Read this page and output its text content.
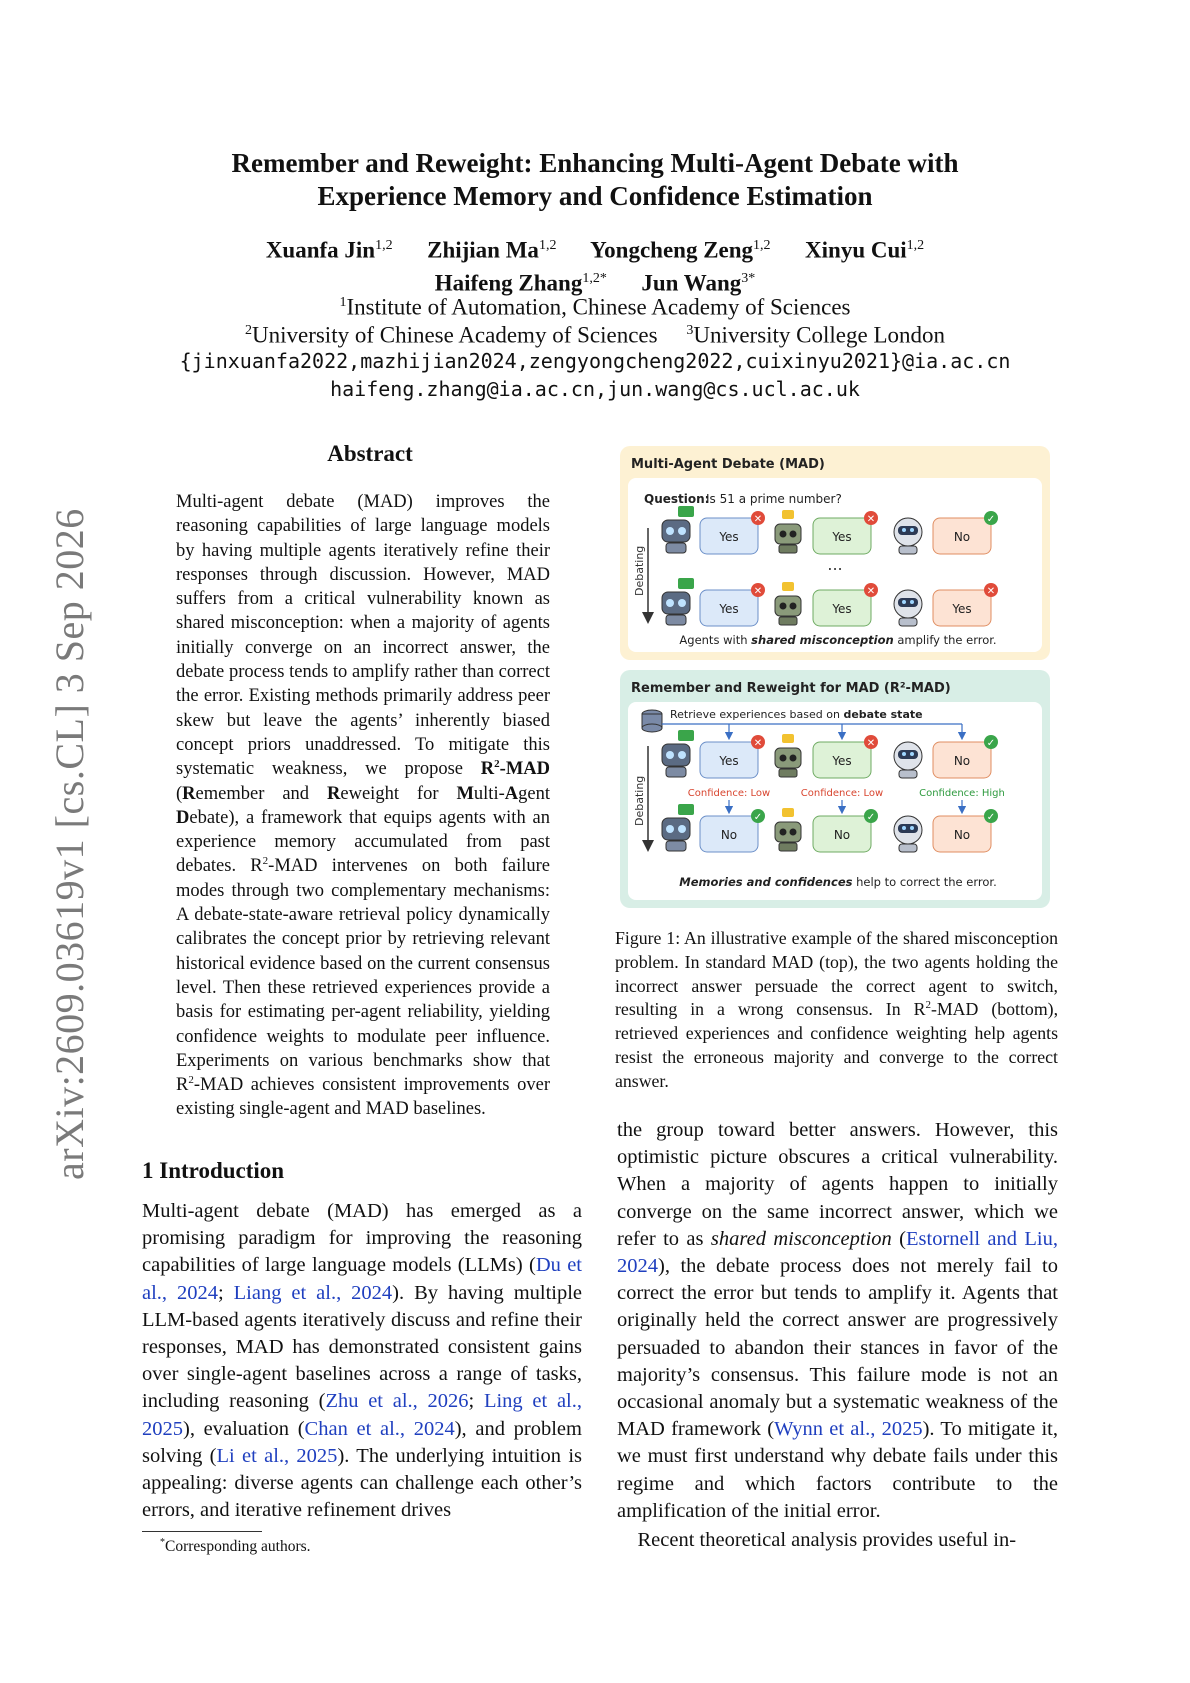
arXiv:2609.03619v1 [cs.CL] 3 Sep 2026
Remember and Reweight: Enhancing Multi-Agent Debate with
Experience Memory and Confidence Estimation
Xuanfa Jin$^{1,2}$ Zhijian Ma$^{1,2}$ Yongcheng Zeng$^{1,2}$ Xinyu Cui$^{1,2}$
Haifeng Zhang$^{1,2*}$ Jun Wang$^{3*}$
$^1$Institute of Automation, Chinese Academy of Sciences
$^2$University of Chinese Academy of Sciences $^3$University College London
{jinxuanfa2022,mazhijian2024,zengyongcheng2022,cuixinyu2021}@ia.ac.cn
haifeng.zhang@ia.ac.cn,jun.wang@cs.ucl.ac.uk
Abstract
Multi-agent debate (MAD) improves the reasoning capabilities of large language models by having multiple agents iteratively refine their responses through discussion. However, MAD suffers from a critical vulnerability known as shared misconception: when a majority of agents initially converge on an incorrect answer, the debate process tends to amplify rather than correct the error. Existing methods primarily address peer skew but leave the agents’ inherently biased concept priors unaddressed. To mitigate this systematic weakness, we propose $R^2$-MAD (Remember and Reweight for Multi-Agent Debate), a framework that equips agents with an experience memory accumulated from past debates. $R^2$-MAD intervenes on both failure modes through two complementary mechanisms: A debate-state-aware retrieval policy dynamically calibrates the concept prior by retrieving relevant historical evidence based on the current consensus level. Then these retrieved experiences provide a basis for estimating per-agent reliability, yielding confidence weights to modulate peer influence. Experiments on various benchmarks show that $R^2$-MAD achieves consistent improvements over existing single-agent and MAD baselines.
1 Introduction
Multi-agent debate (MAD) has emerged as a promising paradigm for improving the reasoning capabilities of large language models (LLMs) (Du et al., 2024; Liang et al., 2024). By having multiple LLM-based agents iteratively discuss and refine their responses, MAD has demonstrated consistent gains over single-agent baselines across a range of tasks, including reasoning (Zhu et al., 2026; Ling et al., 2025), evaluation (Chan et al., 2024), and problem solving (Li et al., 2025). The underlying intuition is appealing: diverse agents can challenge each other’s errors, and iterative refinement drives
*Corresponding authors.
the group toward better answers. However, this optimistic picture obscures a critical vulnerability. When a majority of agents happen to initially converge on the same incorrect answer, which we refer to as shared misconception (Estornell and Liu, 2024), the debate process does not merely fail to correct the error but tends to amplify it. Agents that originally held the correct answer are progressively persuaded to abandon their stances in favor of the majority’s consensus. This failure mode is not an occasional anomaly but a systematic weakness of the MAD framework (Wynn et al., 2025). To mitigate it, we must first understand why debate fails under this regime and which factors contribute to the amplification of the initial error.
Recent theoretical analysis provides useful in-
Figure 1: An illustrative example of the shared misconception problem. In standard MAD (top), the two agents holding the incorrect answer persuade the correct agent to switch, resulting in a wrong consensus. In $R^2$-MAD (bottom), retrieved experiences and confidence weighting help agents resist the erroneous majority and converge to the correct answer.
Multi-Agent Debate (MAD)
Question:
Is 51 a prime number?
Debating
Yes	Yes	No
✕	✕	✓
...
Yes	Yes	Yes
✕	✕	✕
Agents with shared misconception amplify the error.
Remember and Reweight for MAD (R²-MAD)
Retrieve experiences based on debate state
Debating
Yes	Yes	No
✕	✕	✓
Confidence: Low	Confidence: Low	Confidence: High
No	No	No
✓	✓	✓
Memories and confidences help to correct the error.
